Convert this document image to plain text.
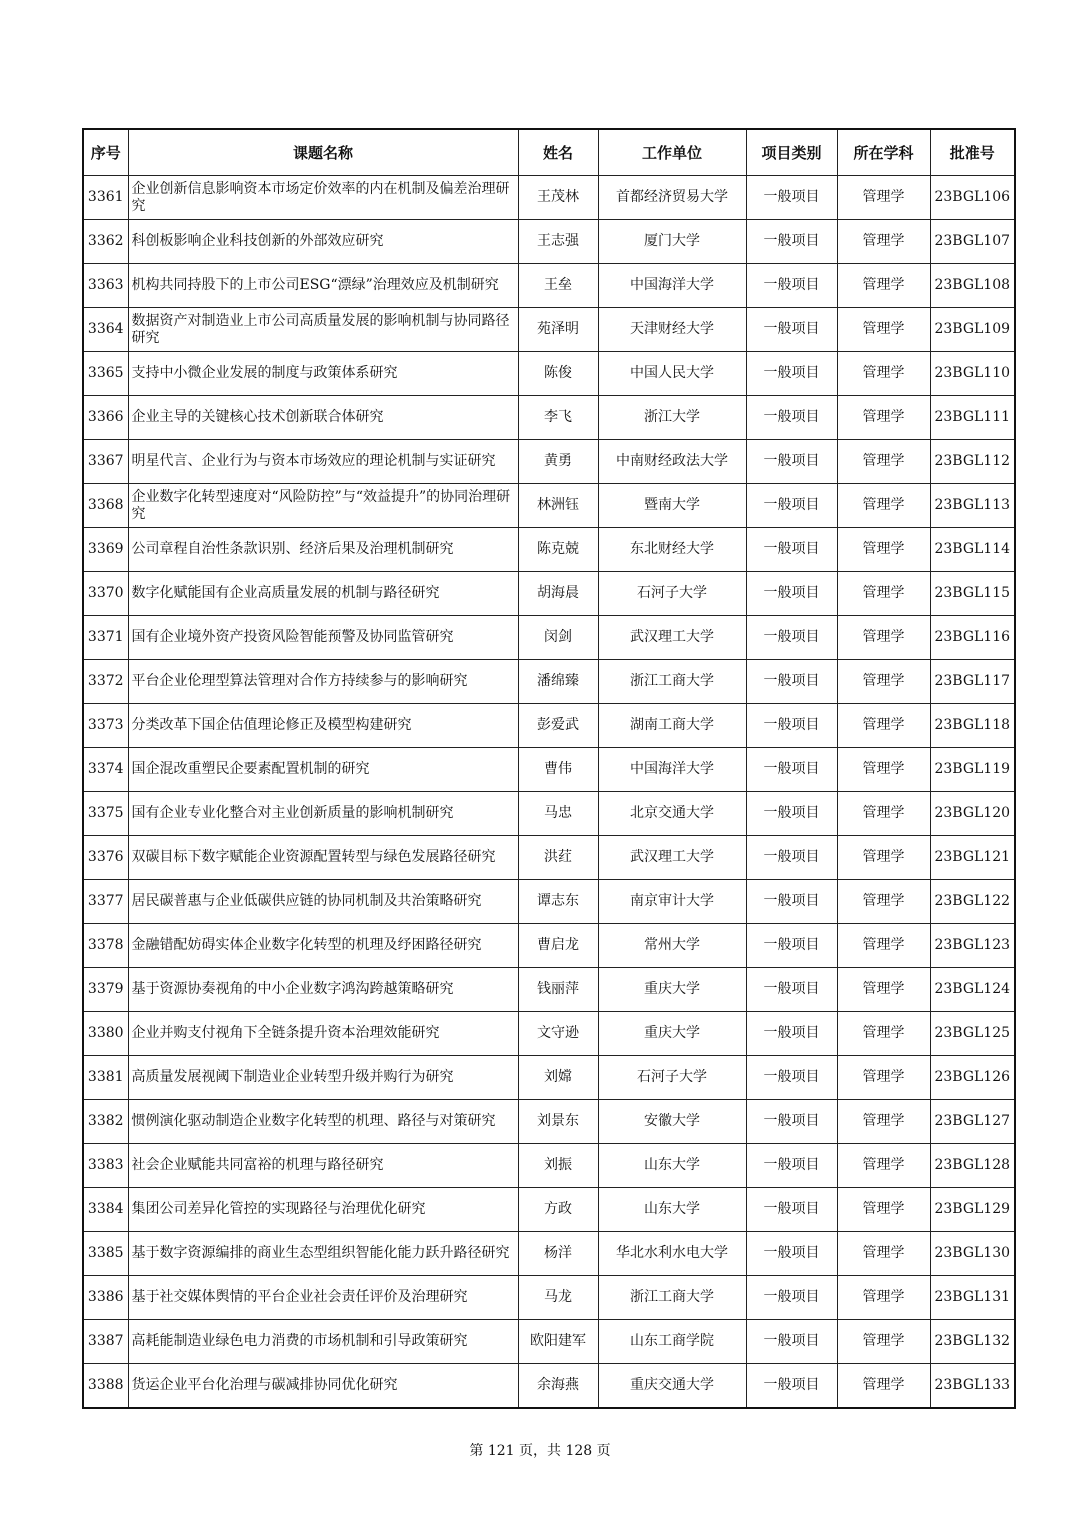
序号	课题名称	姓名	工作单位	项目类别	所在学科	批准号
3361	企业创新信息影响资本市场定价效率的内在机制及偏差治理研究	王茂林	首都经济贸易大学	一般项目	管理学	23BGL106
3362	科创板影响企业科技创新的外部效应研究	王志强	厦门大学	一般项目	管理学	23BGL107
3363	机构共同持股下的上市公司ESG“漂绿”治理效应及机制研究	王垒	中国海洋大学	一般项目	管理学	23BGL108
3364	数据资产对制造业上市公司高质量发展的影响机制与协同路径研究	苑泽明	天津财经大学	一般项目	管理学	23BGL109
3365	支持中小微企业发展的制度与政策体系研究	陈俊	中国人民大学	一般项目	管理学	23BGL110
3366	企业主导的关键核心技术创新联合体研究	李飞	浙江大学	一般项目	管理学	23BGL111
3367	明星代言、企业行为与资本市场效应的理论机制与实证研究	黄勇	中南财经政法大学	一般项目	管理学	23BGL112
3368	企业数字化转型速度对“风险防控”与“效益提升”的协同治理研究	林洲钰	暨南大学	一般项目	管理学	23BGL113
3369	公司章程自治性条款识别、经济后果及治理机制研究	陈克兢	东北财经大学	一般项目	管理学	23BGL114
3370	数字化赋能国有企业高质量发展的机制与路径研究	胡海晨	石河子大学	一般项目	管理学	23BGL115
3371	国有企业境外资产投资风险智能预警及协同监管研究	闵剑	武汉理工大学	一般项目	管理学	23BGL116
3372	平台企业伦理型算法管理对合作方持续参与的影响研究	潘绵臻	浙江工商大学	一般项目	管理学	23BGL117
3373	分类改革下国企估值理论修正及模型构建研究	彭爱武	湖南工商大学	一般项目	管理学	23BGL118
3374	国企混改重塑民企要素配置机制的研究	曹伟	中国海洋大学	一般项目	管理学	23BGL119
3375	国有企业专业化整合对主业创新质量的影响机制研究	马忠	北京交通大学	一般项目	管理学	23BGL120
3376	双碳目标下数字赋能企业资源配置转型与绿色发展路径研究	洪荭	武汉理工大学	一般项目	管理学	23BGL121
3377	居民碳普惠与企业低碳供应链的协同机制及共治策略研究	谭志东	南京审计大学	一般项目	管理学	23BGL122
3378	金融错配妨碍实体企业数字化转型的机理及纾困路径研究	曹启龙	常州大学	一般项目	管理学	23BGL123
3379	基于资源协奏视角的中小企业数字鸿沟跨越策略研究	钱丽萍	重庆大学	一般项目	管理学	23BGL124
3380	企业并购支付视角下全链条提升资本治理效能研究	文守逊	重庆大学	一般项目	管理学	23BGL125
3381	高质量发展视阈下制造业企业转型升级并购行为研究	刘嫦	石河子大学	一般项目	管理学	23BGL126
3382	惯例演化驱动制造企业数字化转型的机理、路径与对策研究	刘景东	安徽大学	一般项目	管理学	23BGL127
3383	社会企业赋能共同富裕的机理与路径研究	刘振	山东大学	一般项目	管理学	23BGL128
3384	集团公司差异化管控的实现路径与治理优化研究	方政	山东大学	一般项目	管理学	23BGL129
3385	基于数字资源编排的商业生态型组织智能化能力跃升路径研究	杨洋	华北水利水电大学	一般项目	管理学	23BGL130
3386	基于社交媒体舆情的平台企业社会责任评价及治理研究	马龙	浙江工商大学	一般项目	管理学	23BGL131
3387	高耗能制造业绿色电力消费的市场机制和引导政策研究	欧阳建军	山东工商学院	一般项目	管理学	23BGL132
3388	货运企业平台化治理与碳减排协同优化研究	余海燕	重庆交通大学	一般项目	管理学	23BGL133
第 121 页，共 128 页
